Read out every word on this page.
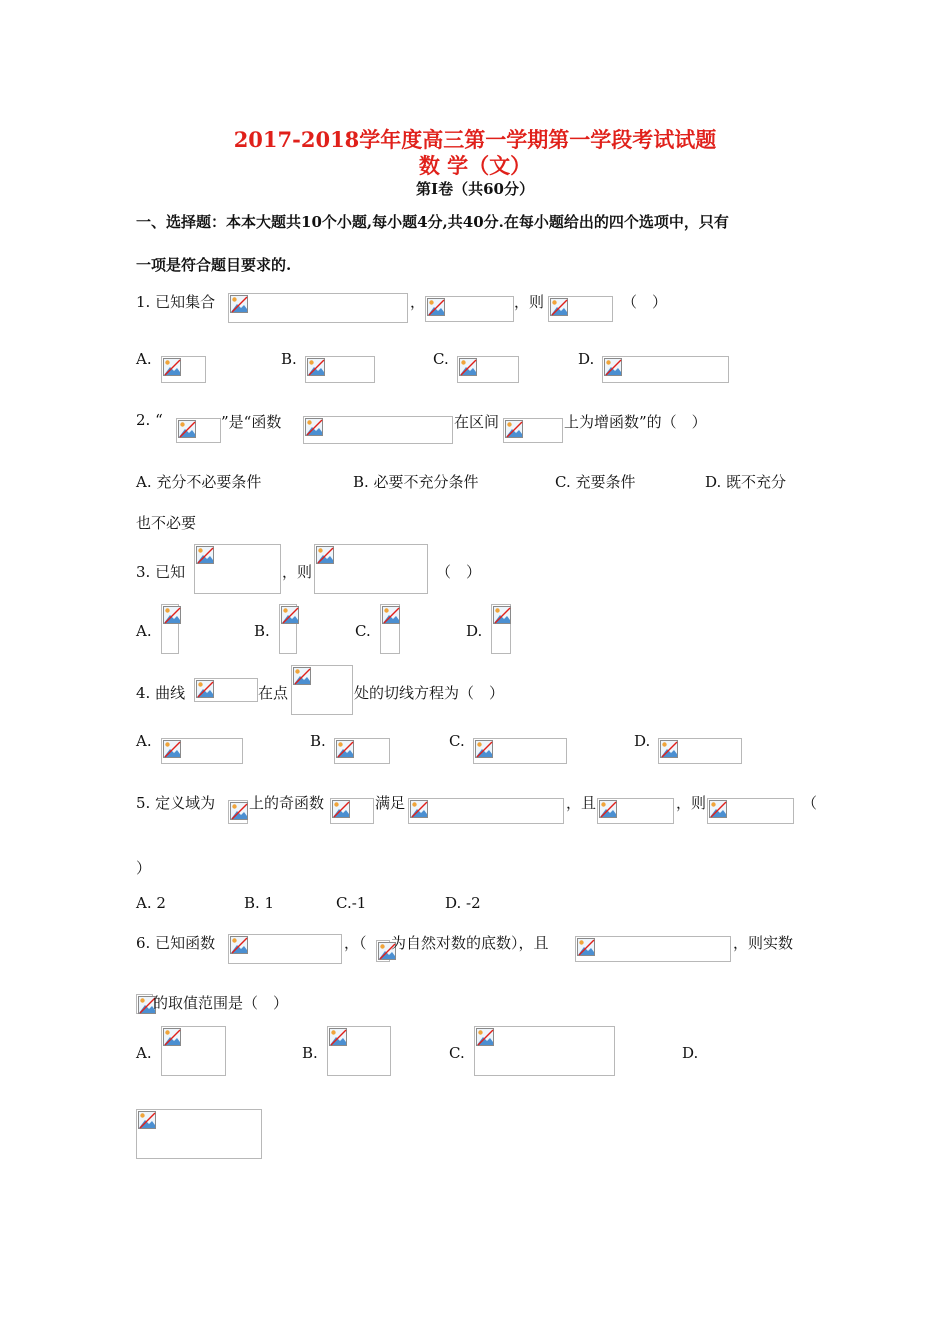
2017-2018学年度高三第一学期第一学段考试试题
数 学（文）
第Ⅰ卷（共60分）
一、选择题：本本大题共10个小题,每小题4分,共40分.在每小题给出的四个选项中，只有
一项是符合题目要求的.
1. 已知集合	，	，则	（　）
A.	B.	C.	D.
2. “	”是“函数	在区间	上为增函数”的（　）
A. 充分不必要条件	B. 必要不充分条件	C. 充要条件	D. 既不充分
也不必要
3. 已知	，则	（　）
A.	B.	C.	D.
4. 曲线	在点	处的切线方程为（　）
A.	B.	C.	D.
5. 定义域为 上的奇函数	满足	，且	，则	（
）
A. 2	B. 1	C.-1	D. -2
6. 已知函数	，（ 为自然对数的底数），且	，则实数
的取值范围是（　）
A.	B.	C.	D.
